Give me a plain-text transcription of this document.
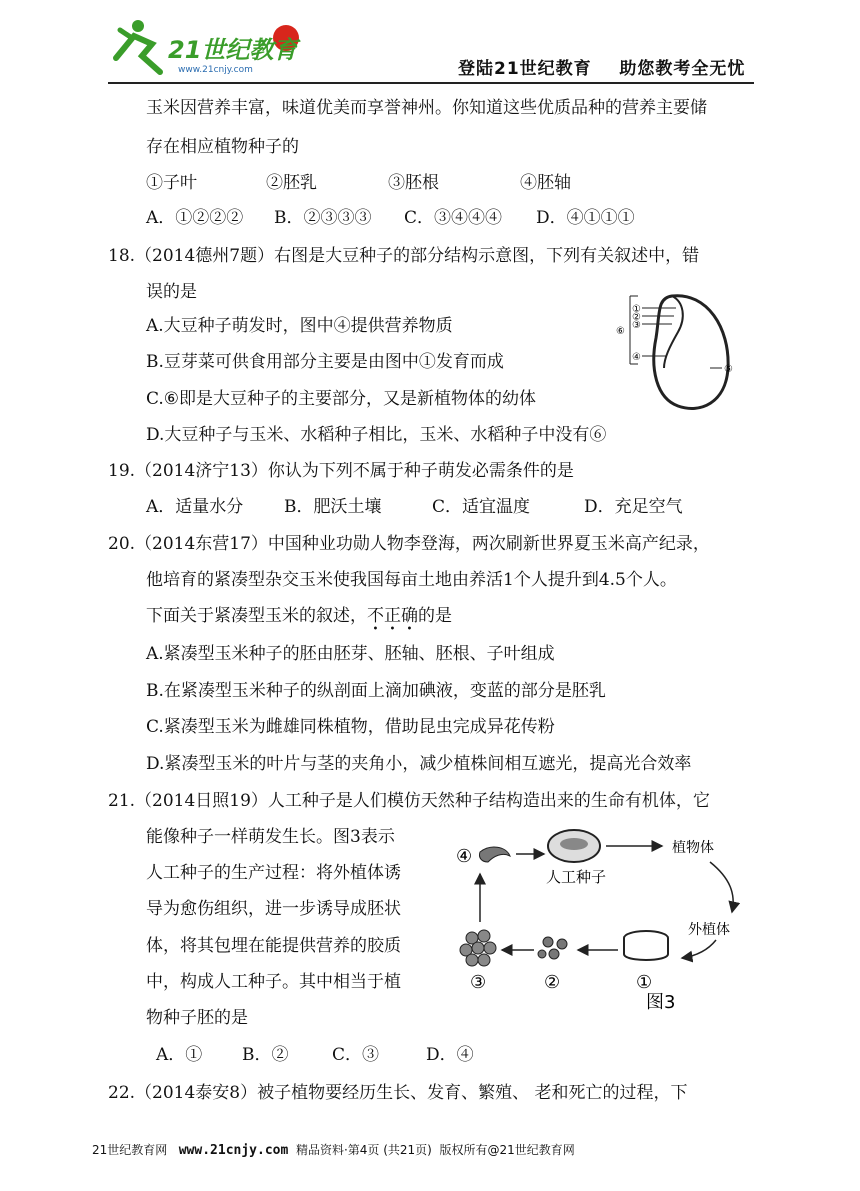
21世纪教育
www.21cnjy.com	登陆21世纪教育    助您教考全无忧
玉米因营养丰富，味道优美而享誉神州。你知道这些优质品种的营养主要储
存在相应植物种子的
①子叶	②胚乳	③胚根	④胚轴
A．①②②② B．②③③③ C．③④④④ D．④①①①
18.（2014德州7题）右图是大豆种子的部分结构示意图，下列有关叙述中，错
误的是
A.大豆种子萌发时，图中④提供营养物质
B.豆芽菜可供食用部分主要是由图中①发育而成
C.⑥即是大豆种子的主要部分，又是新植物体的幼体
D.大豆种子与玉米、水稻种子相比，玉米、水稻种子中没有⑥
①
②
③
④
⑤
⑥
19.（2014济宁13）你认为下列不属于种子萌发必需条件的是
A．适量水分 B．肥沃土壤	C．适宜温度	D．充足空气
20.（2014东营17）中国种业功勋人物李登海，两次刷新世界夏玉米高产纪录，
他培育的紧凑型杂交玉米使我国每亩土地由养活1个人提升到4.5个人。
下面关于紧凑型玉米的叙述，不正确的是
A.紧凑型玉米种子的胚由胚芽、胚轴、胚根、子叶组成
B.在紧凑型玉米种子的纵剖面上滴加碘液，变蓝的部分是胚乳
C.紧凑型玉米为雌雄同株植物，借助昆虫完成异花传粉
D.紧凑型玉米的叶片与茎的夹角小，减少植株间相互遮光，提高光合效率
21.（2014日照19）人工种子是人们模仿天然种子结构造出来的生命有机体，它
能像种子一样萌发生长。图3表示
人工种子的生产过程：将外植体诱
导为愈伤组织，进一步诱导成胚状
体，将其包埋在能提供营养的胶质
中，构成人工种子。其中相当于植
物种子胚的是
④
人工种子
植物体
外植体
①
②
③
图3
A．① B．②	C．③	D．④
22.（2014泰安8）被子植物要经历生长、发育、繁殖、 老和死亡的过程，下
21世纪教育网 www.21cnjy.com 精品资料·第4页 (共21页)  版权所有@21世纪教育网
